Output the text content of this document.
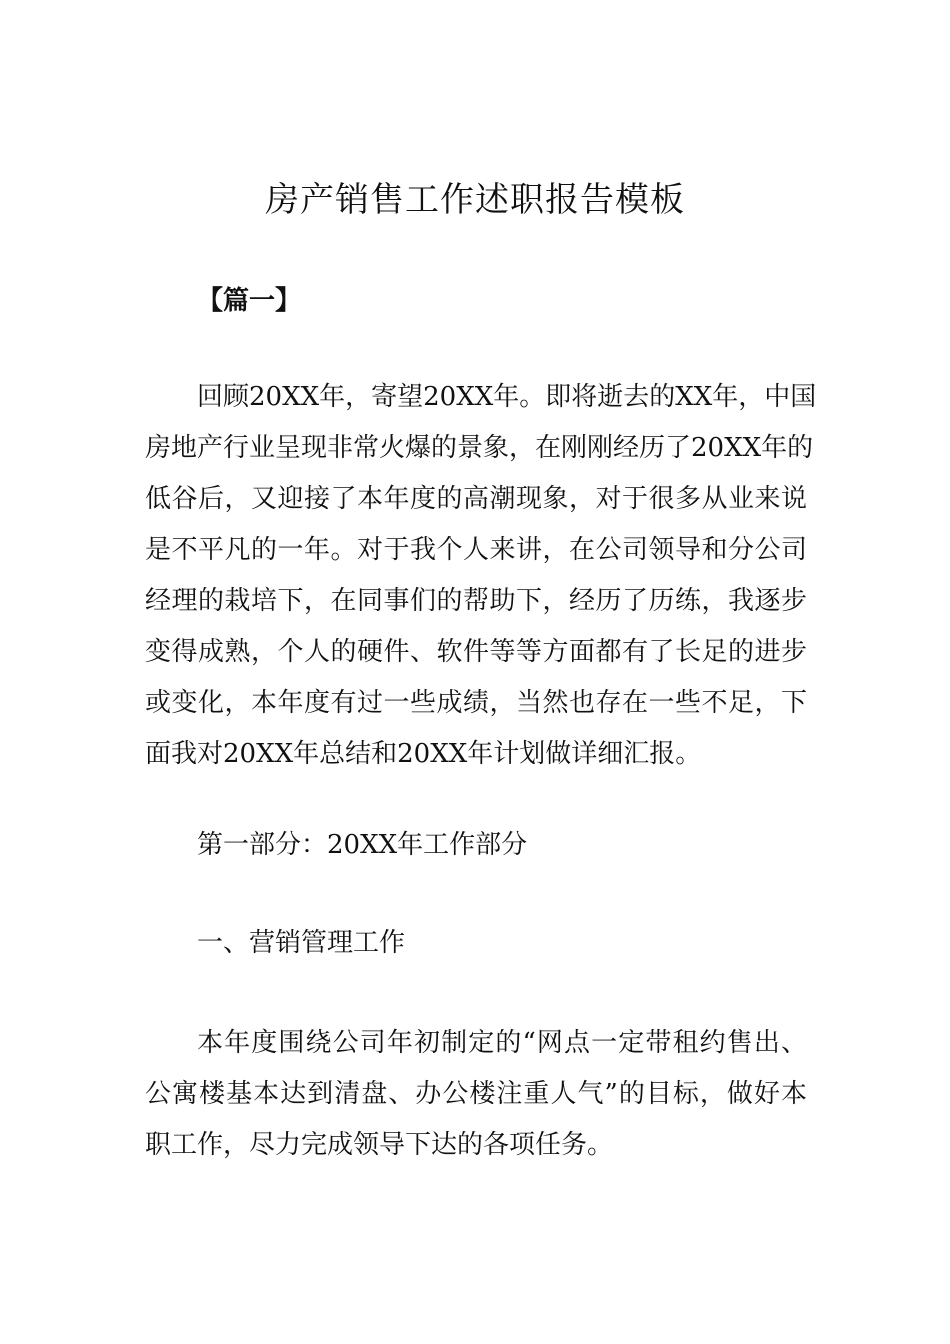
房产销售工作述职报告模板
【篇一】
回顾20XX年，寄望20XX年。即将逝去的XX年，中国
房地产行业呈现非常火爆的景象，在刚刚经历了20XX年的
低谷后，又迎接了本年度的高潮现象，对于很多从业来说
是不平凡的一年。对于我个人来讲，在公司领导和分公司
经理的栽培下，在同事们的帮助下，经历了历练，我逐步
变得成熟，个人的硬件、软件等等方面都有了长足的进步
或变化，本年度有过一些成绩，当然也存在一些不足，下
面我对20XX年总结和20XX年计划做详细汇报。
第一部分：20XX年工作部分
一、营销管理工作
本年度围绕公司年初制定的“网点一定带租约售出、
公寓楼基本达到清盘、办公楼注重人气”的目标，做好本
职工作，尽力完成领导下达的各项任务。
